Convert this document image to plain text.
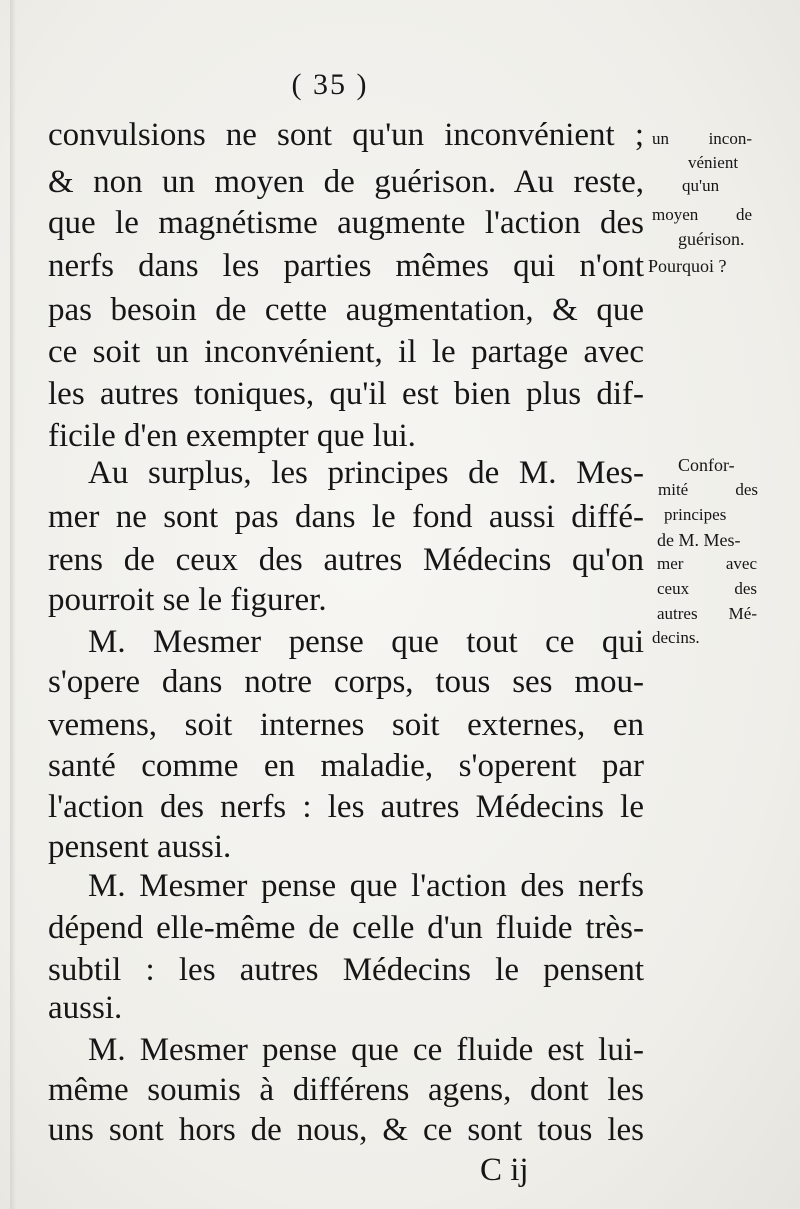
( 35 )
convulsions ne sont qu'un inconvénient ;
& non un moyen de guérison. Au reste,
que le magnétisme augmente l'action des
nerfs dans les parties mêmes qui n'ont
pas besoin de cette augmentation, & que
ce soit un inconvénient, il le partage avec
les autres toniques, qu'il est bien plus dif-
ficile d'en exempter que lui.
Au surplus, les principes de M. Mes-
mer ne sont pas dans le fond aussi diffé-
rens de ceux des autres Médecins qu'on
pourroit se le figurer.
M. Mesmer pense que tout ce qui
s'opere dans notre corps, tous ses mou-
vemens, soit internes soit externes, en
santé comme en maladie, s'operent par
l'action des nerfs : les autres Médecins le
pensent aussi.
M. Mesmer pense que l'action des nerfs
dépend elle-même de celle d'un fluide très-
subtil : les autres Médecins le pensent
aussi.
M. Mesmer pense que ce fluide est lui-
même soumis à différens agens, dont les
uns sont hors de nous, & ce sont tous les
un incon-
vénient
qu'un
moyen de
guérison.
Pourquoi ?
Confor-
mité des
principes
de M. Mes-
mer avec
ceux des
autres Mé-
decins.
C ij
